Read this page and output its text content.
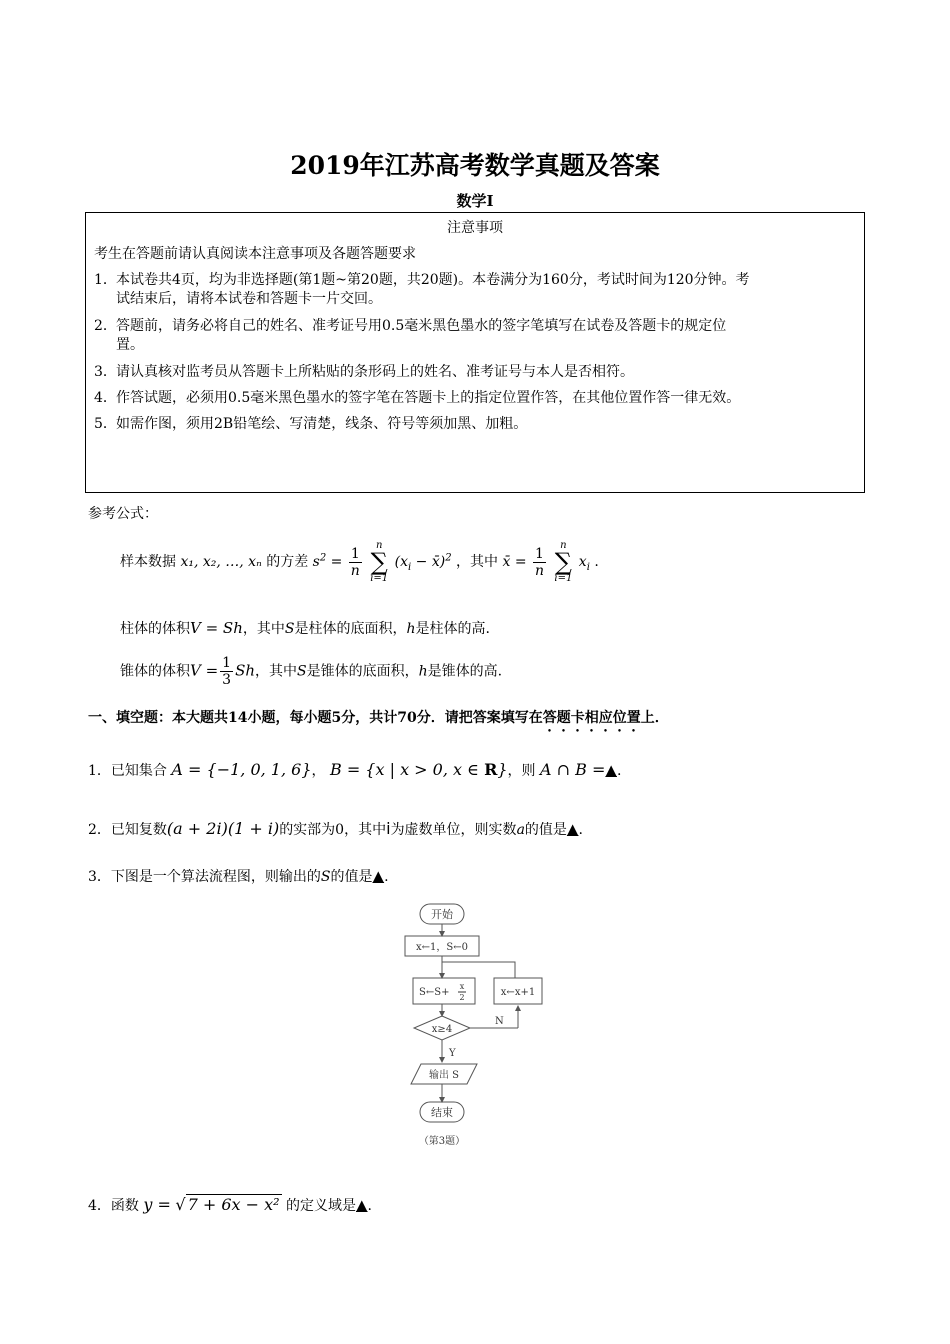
2019年江苏高考数学真题及答案
数学Ⅰ
注意事项
考生在答题前请认真阅读本注意事项及各题答题要求
1．本试卷共4页，均为非选择题(第1题~第20题，共20题)。本卷满分为160分，考试时间为120分钟。考
试结束后，请将本试卷和答题卡一片交回。
2．答题前，请务必将自己的姓名、准考证号用0.5毫米黑色墨水的签字笔填写在试卷及答题卡的规定位
置。
3．请认真核对监考员从答题卡上所粘贴的条形码上的姓名、准考证号与本人是否相符。
4．作答试题，必须用0.5毫米黑色墨水的签字笔在答题卡上的指定位置作答，在其他位置作答一律无效。
5．如需作图，须用2B铅笔绘、写清楚，线条、符号等须加黑、加粗。
参考公式：
样本数据 x₁, x₂, …, xₙ 的方差 $s^2 = \frac{1}{n}$ n
∑
i=1 ($x_i$ − x̄)$^2$ ，其中 x̄ = $\frac{1}{n}$ n
∑
i=1 $x_i$ .
柱体的体积V = Sh，其中S是柱体的底面积，h是柱体的高.
锥体的体积$V = \frac{1}{3}$ Sh，其中S是锥体的底面积，h是锥体的高.
一、填空题：本大题共14小题，每小题5分，共计70分．请把答案填写在答题卡相应位置上．
1．已知集合 A = {−1, 0, 1, 6}， B = {x | x > 0, x ∈ R}，则 A ∩ B =▲.
2．已知复数(a + 2i)(1 + i)的实部为0，其中i为虚数单位，则实数a的值是▲.
3．下图是一个算法流程图，则输出的S的值是▲.
开始
x←1，S←0
S←S+
x
2	x←x+1
x≥4
N
Y
输出 S
结束
（第3题）
4．函数 y = √ 7 + 6x − x² 的定义域是▲.
